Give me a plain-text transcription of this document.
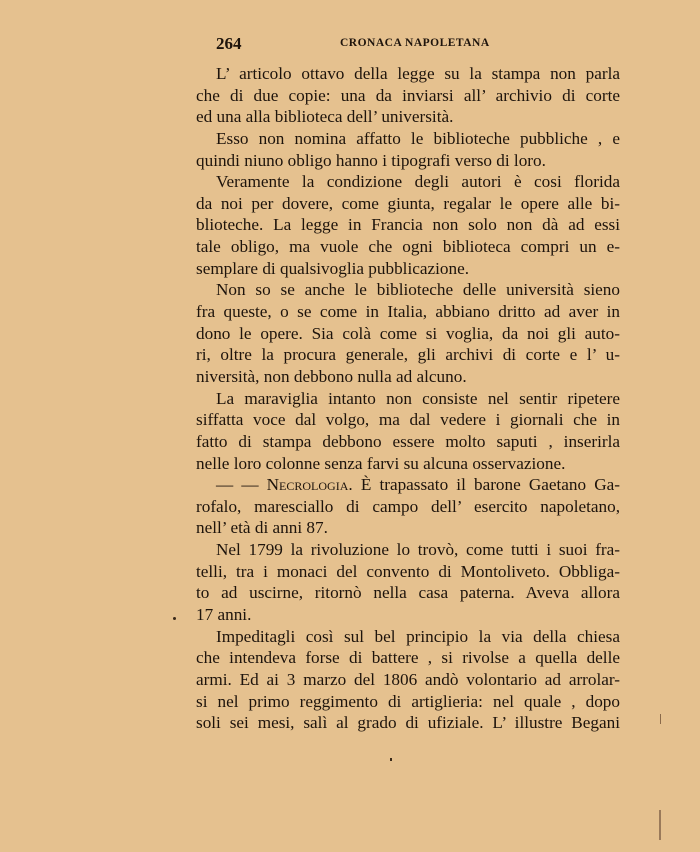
264	CRONACA NAPOLETANA
L’ articolo ottavo della legge su la stampa non parla
che di due copie: una da inviarsi all’ archivio di corte
ed una alla biblioteca dell’ università.
Esso non nomina affatto le biblioteche pubbliche , e
quindi niuno obligo hanno i tipografi verso di loro.
Veramente la condizione degli autori è cosi florida
da noi per dovere, come giunta, regalar le opere alle bi-
blioteche. La legge in Francia non solo non dà ad essi
tale obligo, ma vuole che ogni biblioteca compri un e-
semplare di qualsivoglia pubblicazione.
Non so se anche le biblioteche delle università sieno
fra queste, o se come in Italia, abbiano dritto ad aver in
dono le opere. Sia colà come si voglia, da noi gli auto-
ri, oltre la procura generale, gli archivi di corte e l’ u-
niversità, non debbono nulla ad alcuno.
La maraviglia intanto non consiste nel sentir ripetere
siffatta voce dal volgo, ma dal vedere i giornali che in
fatto di stampa debbono essere molto saputi , inserirla
nelle loro colonne senza farvi su alcuna osservazione.
— — Necrologia. È trapassato il barone Gaetano Ga-
rofalo, maresciallo di campo dell’ esercito napoletano,
nell’ età di anni 87.
Nel 1799 la rivoluzione lo trovò, come tutti i suoi fra-
telli, tra i monaci del convento di Montoliveto. Obbliga-
to ad uscirne, ritornò nella casa paterna. Aveva allora
17 anni.
Impeditagli così sul bel principio la via della chiesa
che intendeva forse di battere , si rivolse a quella delle
armi. Ed ai 3 marzo del 1806 andò volontario ad arrolar-
si nel primo reggimento di artiglieria: nel quale , dopo
soli sei mesi, salì al grado di ufiziale. L’ illustre Begani
